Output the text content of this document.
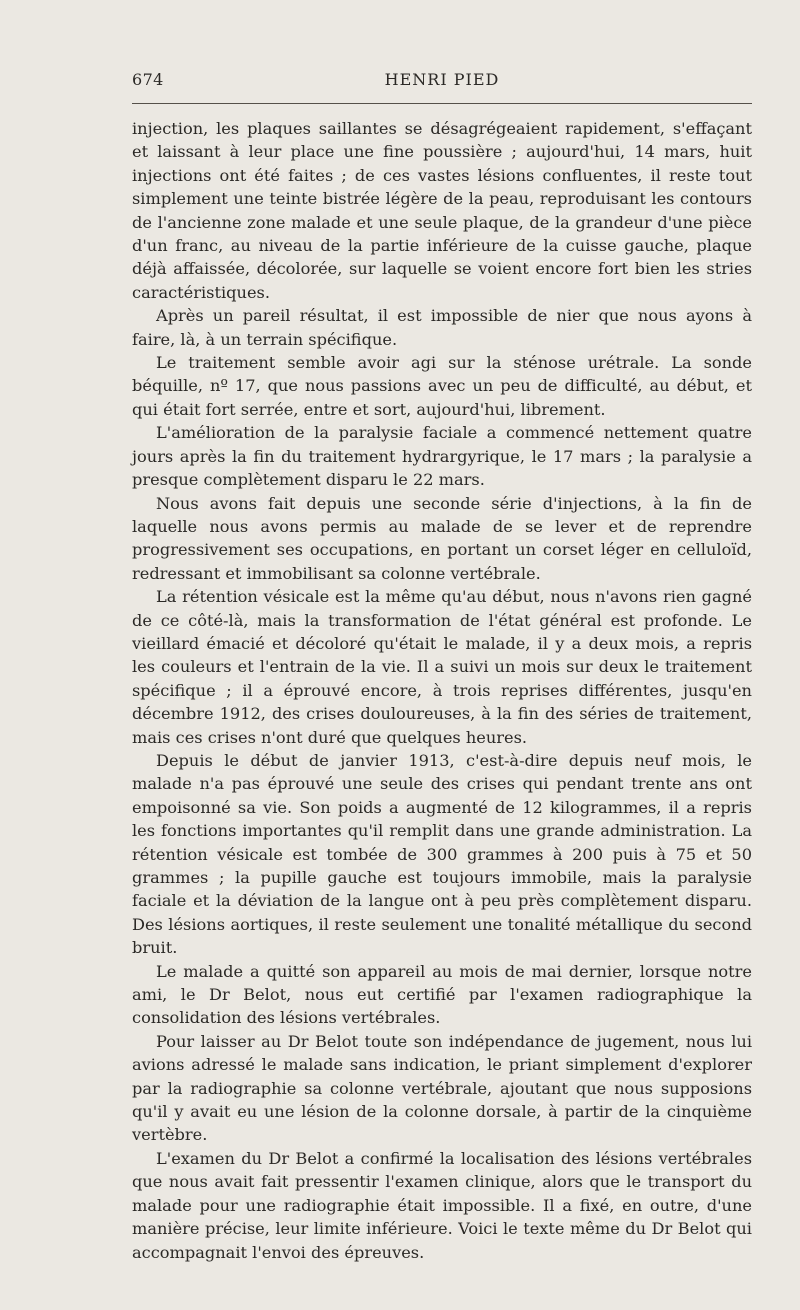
674	HENRI PIED

injection, les plaques saillantes se désagrégeaient rapidement, s'effaçant et laissant à leur place une fine poussière ; aujourd'hui, 14 mars, huit injections ont été faites ; de ces vastes lésions confluentes, il reste tout simplement une teinte bistrée légère de la peau, reproduisant les contours de l'ancienne zone malade et une seule plaque, de la grandeur d'une pièce d'un franc, au niveau de la partie inférieure de la cuisse gauche, plaque déjà affaissée, décolorée, sur laquelle se voient encore fort bien les stries caractéristiques.

Après un pareil résultat, il est impossible de nier que nous ayons à faire, là, à un terrain spécifique.

Le traitement semble avoir agi sur la sténose urétrale. La sonde béquille, nº 17, que nous passions avec un peu de difficulté, au début, et qui était fort serrée, entre et sort, aujourd'hui, librement.

L'amélioration de la paralysie faciale a commencé nettement quatre jours après la fin du traitement hydrargyrique, le 17 mars ; la paralysie a presque complètement disparu le 22 mars.

Nous avons fait depuis une seconde série d'injections, à la fin de laquelle nous avons permis au malade de se lever et de reprendre progressivement ses occupations, en portant un corset léger en celluloïd, redressant et immobilisant sa colonne vertébrale.

La rétention vésicale est la même qu'au début, nous n'avons rien gagné de ce côté-là, mais la transformation de l'état général est profonde. Le vieillard émacié et décoloré qu'était le malade, il y a deux mois, a repris les couleurs et l'entrain de la vie. Il a suivi un mois sur deux le traitement spécifique ; il a éprouvé encore, à trois reprises différentes, jusqu'en décembre 1912, des crises douloureuses, à la fin des séries de traitement, mais ces crises n'ont duré que quelques heures.

Depuis le début de janvier 1913, c'est-à-dire depuis neuf mois, le malade n'a pas éprouvé une seule des crises qui pendant trente ans ont empoisonné sa vie. Son poids a augmenté de 12 kilogrammes, il a repris les fonctions importantes qu'il remplit dans une grande administration. La rétention vésicale est tombée de 300 grammes à 200 puis à 75 et 50 grammes ; la pupille gauche est toujours immobile, mais la paralysie faciale et la déviation de la langue ont à peu près complètement disparu. Des lésions aortiques, il reste seulement une tonalité métallique du second bruit.

Le malade a quitté son appareil au mois de mai dernier, lorsque notre ami, le Dr Belot, nous eut certifié par l'examen radiographique la consolidation des lésions vertébrales.

Pour laisser au Dr Belot toute son indépendance de jugement, nous lui avions adressé le malade sans indication, le priant simplement d'explorer par la radiographie sa colonne vertébrale, ajoutant que nous supposions qu'il y avait eu une lésion de la colonne dorsale, à partir de la cinquième vertèbre.

L'examen du Dr Belot a confirmé la localisation des lésions vertébrales que nous avait fait pressentir l'examen clinique, alors que le transport du malade pour une radiographie était impossible. Il a fixé, en outre, d'une manière précise, leur limite inférieure. Voici le texte même du Dr Belot qui accompagnait l'envoi des épreuves.
